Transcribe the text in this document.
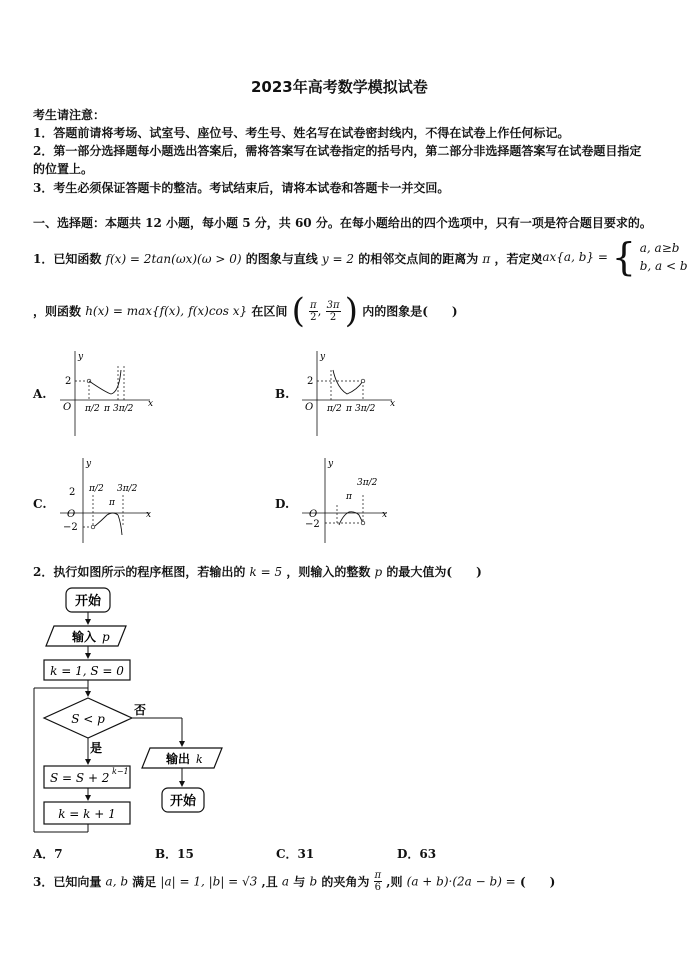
2023年高考数学模拟试卷
考生请注意：
1．答题前请将考场、试室号、座位号、考生号、姓名写在试卷密封线内，不得在试卷上作任何标记。
2．第一部分选择题每小题选出答案后，需将答案写在试卷指定的括号内，第二部分非选择题答案写在试卷题目指定
的位置上。
3．考生必须保证答题卡的整洁。考试结束后，请将本试卷和答题卡一并交回。
一、选择题：本题共 12 小题，每小题 5 分，共 60 分。在每小题给出的四个选项中，只有一项是符合题目要求的。
1．已知函数 f(x) = 2tan(ωx)(ω > 0) 的图象与直线 y = 2 的相邻交点间的距离为 π ，若定义
max{a, b} = { a, a≥b
b, a < b
，则函数 h(x) = max{f(x), f(x)cos x} 在区间 ( $\frac{\pi}{2}$ , $\frac{3\pi}{2}$ ) 内的图象是(　　)
A.
y
x
O
2
π/2 π 3π/2
B.
y
x
O
2
π/2 π 3π/2
C.
y
x
O
2
−2
π/2
π
3π/2
D.
y
x
O
−2
π
3π/2
2．执行如图所示的程序框图，若输出的 k = 5 ，则输入的整数 p 的最大值为(　　)
开始
输入 p
k = 1, S = 0
S < p
否
是
S = S + 2 k−1
k = k + 1
输出 k
开始
A．7	B．15	C．31	D．63
3．已知向量 a, b 满足 |a| = 1, |b| = √3 ,且 a 与 b 的夹角为 $\frac{\pi}{6}$ ,则 (a + b)·(2a − b) = (　　)
